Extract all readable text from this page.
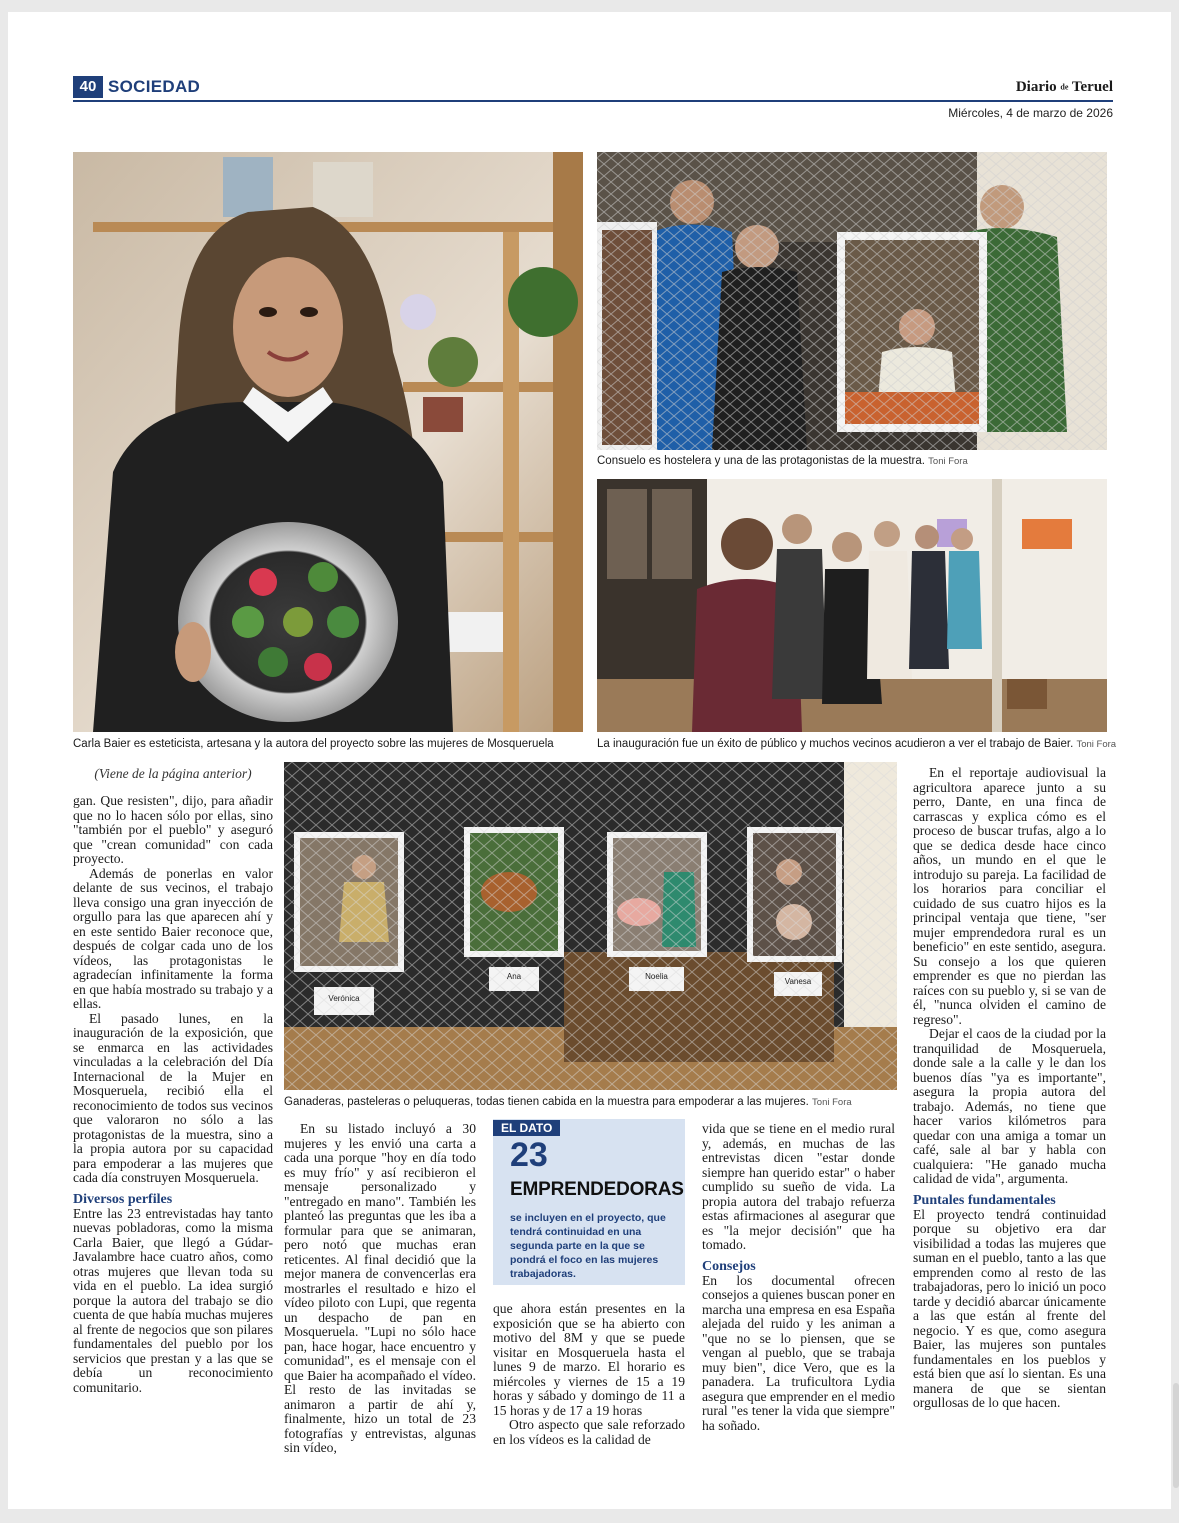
40 SOCIEDAD	Diario de Teruel
Miércoles, 4 de marzo de 2026
Carla Baier es esteticista, artesana y la autora del proyecto sobre las mujeres de Mosqueruela
Consuelo es hostelera y una de las protagonistas de la muestra. Toni Fora
La inauguración fue un éxito de público y muchos vecinos acudieron a ver el trabajo de Baier. Toni Fora
(Viene de la página anterior)

gan. Que resisten", dijo, para añadir que no lo hacen sólo por ellas, sino "también por el pueblo" y aseguró que "crean comunidad" con cada proyecto.

Además de ponerlas en valor delante de sus vecinos, el trabajo lleva consigo una gran inyección de orgullo para las que aparecen ahí y en este sentido Baier reconoce que, después de colgar cada uno de los vídeos, las protagonistas le agradecían infinitamente la forma en que había mostrado su trabajo y a ellas.

El pasado lunes, en la inauguración de la exposición, que se enmarca en las actividades vinculadas a la celebración del Día Internacional de la Mujer en Mosqueruela, recibió ella el reconocimiento de todos sus vecinos que valoraron no sólo a las protagonistas de la muestra, sino a la propia autora por su capacidad para empoderar a las mujeres que cada día construyen Mosqueruela.

Diversos perfiles

Entre las 23 entrevistadas hay tanto nuevas pobladoras, como la misma Carla Baier, que llegó a Gúdar-Javalambre hace cuatro años, como otras mujeres que llevan toda su vida en el pueblo. La idea surgió porque la autora del trabajo se dio cuenta de que había muchas mujeres al frente de negocios que son pilares fundamentales del pueblo por los servicios que prestan y a las que se debía un reconocimiento comunitario.

Verónica
Ana	Noelia
Vanesa
Ganaderas, pasteleras o peluqueras, todas tienen cabida en la muestra para empoderar a las mujeres. Toni Fora

En el reportaje audiovisual la agricultora aparece junto a su perro, Dante, en una finca de carrascas y explica cómo es el proceso de buscar trufas, algo a lo que se dedica desde hace cinco años, un mundo en el que le introdujo su pareja. La facilidad de los horarios para conciliar el cuidado de sus cuatro hijos es la principal ventaja que tiene, "ser mujer emprendedora rural es un beneficio" en este sentido, asegura. Su consejo a los que quieren emprender es que no pierdan las raíces con su pueblo y, si se van de él, "nunca olviden el camino de regreso".

Dejar el caos de la ciudad por la tranquilidad de Mosqueruela, donde sale a la calle y le dan los buenos días "ya es importante", asegura la propia autora del trabajo. Además, no tiene que hacer varios kilómetros para quedar con una amiga a tomar un café, sale al bar y habla con cualquiera: "He ganado mucha calidad de vida", argumenta.

Puntales fundamentales

El proyecto tendrá continuidad porque su objetivo era dar visibilidad a todas las mujeres que suman en el pueblo, tanto a las que emprenden como al resto de las trabajadoras, pero lo inició un poco tarde y decidió abarcar únicamente a las que están al frente del negocio. Y es que, como asegura Baier, las mujeres son puntales fundamentales en los pueblos y está bien que así lo sientan. Es una manera de que se sientan orgullosas de lo que hacen.

En su listado incluyó a 30 mujeres y les envió una carta a cada una porque "hoy en día todo es muy frío" y así recibieron el mensaje personalizado y "entregado en mano". También les planteó las preguntas que les iba a formular para que se animaran, pero notó que muchas eran reticentes. Al final decidió que la mejor manera de convencerlas era mostrarles el resultado e hizo el vídeo piloto con Lupi, que regenta un despacho de pan en Mosqueruela. "Lupi no sólo hace pan, hace hogar, hace encuentro y comunidad", es el mensaje con el que Baier ha acompañado el vídeo. El resto de las invitadas se animaron a partir de ahí y, finalmente, hizo un total de 23 fotografías y entrevistas, algunas sin vídeo,

EL DATO
23
EMPRENDEDORAS
se incluyen en el proyecto, que tendrá continuidad en una segunda parte en la que se pondrá el foco en las mujeres trabajadoras.

que ahora están presentes en la exposición que se ha abierto con motivo del 8M y que se puede visitar en Mosqueruela hasta el lunes 9 de marzo. El horario es miércoles y viernes de 15 a 19 horas y sábado y domingo de 11 a 15 horas y de 17 a 19 horas

Otro aspecto que sale reforzado en los vídeos es la calidad de

vida que se tiene en el medio rural y, además, en muchas de las entrevistas dicen "estar donde siempre han querido estar" o haber cumplido su sueño de vida. La propia autora del trabajo refuerza estas afirmaciones al asegurar que es "la mejor decisión" que ha tomado.

Consejos

En los documental ofrecen consejos a quienes buscan poner en marcha una empresa en esa España alejada del ruido y les animan a "que no se lo piensen, que se vengan al pueblo, que se trabaja muy bien", dice Vero, que es la panadera. La truficultora Lydia asegura que emprender en el medio rural "es tener la vida que siempre" ha soñado.
